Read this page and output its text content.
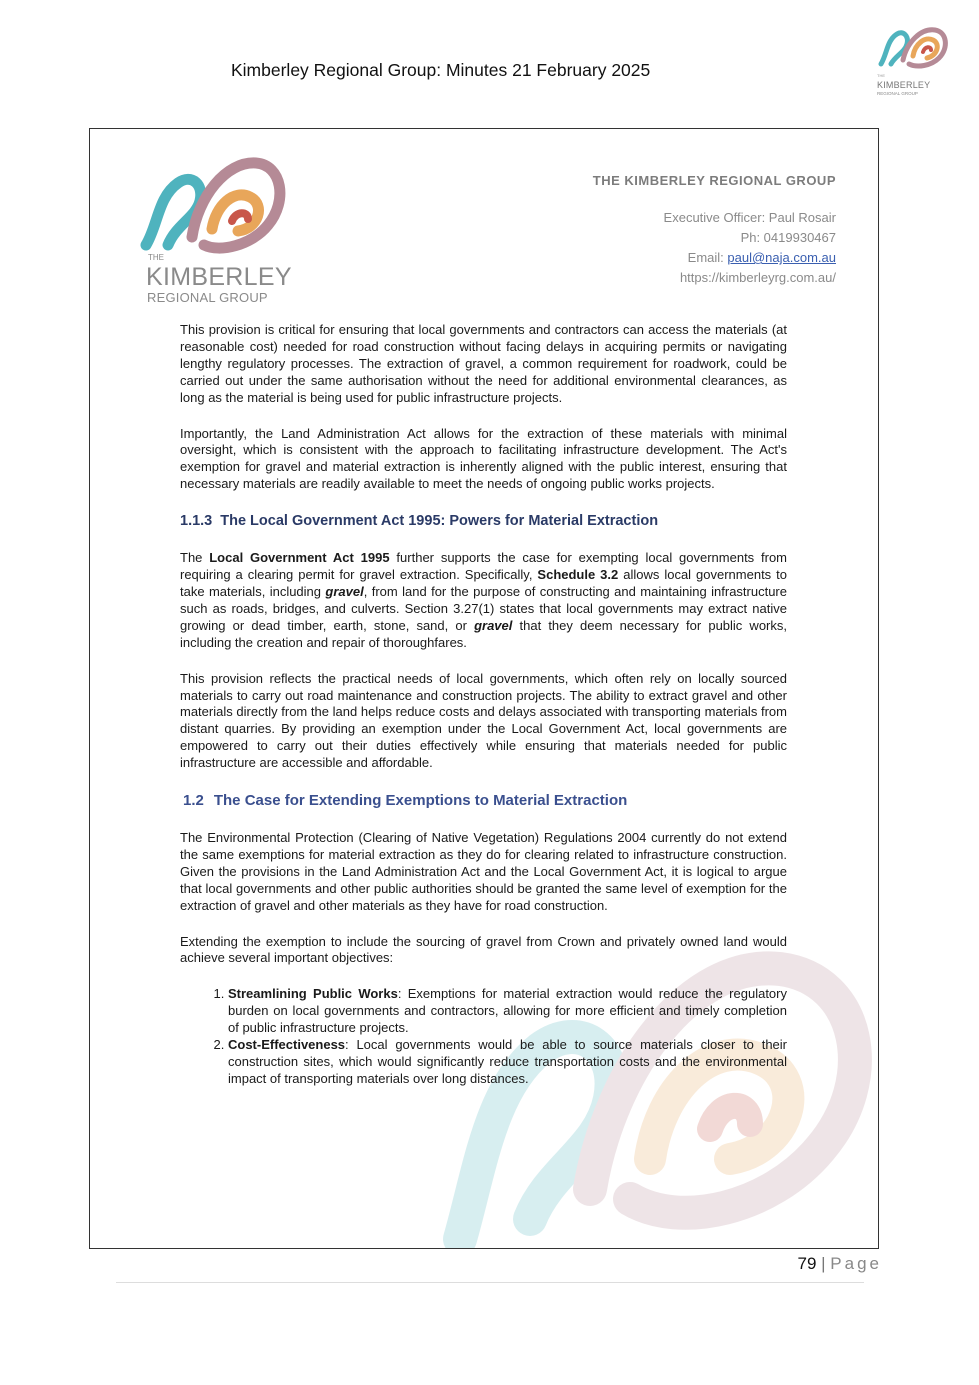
Kimberley Regional Group: Minutes 21 February 2025	THE
KIMBERLEY
REGIONAL GROUP
THE
KIMBERLEY
REGIONAL GROUP
THE KIMBERLEY REGIONAL GROUP
Executive Officer: Paul Rosair
Ph: 0419930467
Email: paul@naja.com.au
https://kimberleyrg.com.au/

This provision is critical for ensuring that local governments and contractors can access the materials (at reasonable cost) needed for road construction without facing delays in acquiring permits or navigating lengthy regulatory processes. The extraction of gravel, a common requirement for roadwork, could be carried out under the same authorisation without the need for additional environmental clearances, as long as the material is being used for public infrastructure projects.

Importantly, the Land Administration Act allows for the extraction of these materials with minimal oversight, which is consistent with the approach to facilitating infrastructure development. The Act's exemption for gravel and material extraction is inherently aligned with the public interest, ensuring that necessary materials are readily available to meet the needs of ongoing public works projects.

1.1.3 The Local Government Act 1995: Powers for Material Extraction

The Local Government Act 1995 further supports the case for exempting local governments from requiring a clearing permit for gravel extraction. Specifically, Schedule 3.2 allows local governments to take materials, including gravel, from land for the purpose of constructing and maintaining infrastructure such as roads, bridges, and culverts. Section 3.27(1) states that local governments may extract native growing or dead timber, earth, stone, sand, or gravel that they deem necessary for public works, including the creation and repair of thoroughfares.

This provision reflects the practical needs of local governments, which often rely on locally sourced materials to carry out road maintenance and construction projects. The ability to extract gravel and other materials directly from the land helps reduce costs and delays associated with transporting materials from distant quarries. By providing an exemption under the Local Government Act, local governments are empowered to carry out their duties effectively while ensuring that materials needed for public infrastructure are accessible and affordable.

1.2 The Case for Extending Exemptions to Material Extraction

The Environmental Protection (Clearing of Native Vegetation) Regulations 2004 currently do not extend the same exemptions for material extraction as they do for clearing related to infrastructure construction. Given the provisions in the Land Administration Act and the Local Government Act, it is logical to argue that local governments and other public authorities should be granted the same level of exemption for the extraction of gravel and other materials as they have for road construction.

Extending the exemption to include the sourcing of gravel from Crown and privately owned land would achieve several important objectives:

1. Streamlining Public Works: Exemptions for material extraction would reduce the regulatory burden on local governments and contractors, allowing for more efficient and timely completion of public infrastructure projects.
2. Cost-Effectiveness: Local governments would be able to source materials closer to their construction sites, which would significantly reduce transportation costs and the environmental impact of transporting materials over long distances.
79 | Page
